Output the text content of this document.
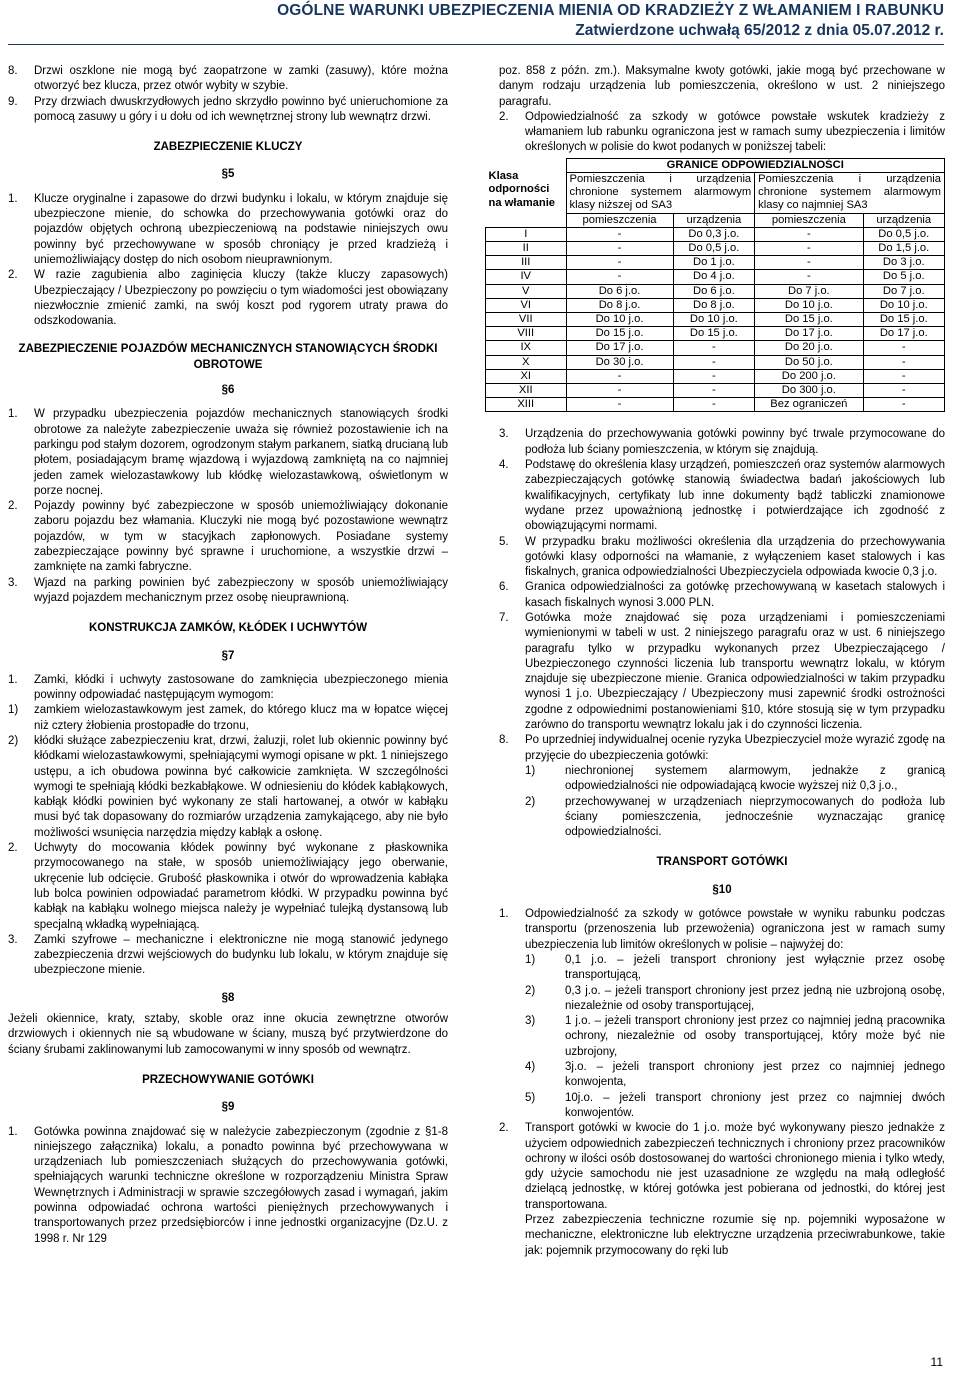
OGÓLNE WARUNKI UBEZPIECZENIA MIENIA OD KRADZIEŻY Z WŁAMANIEM I RABUNKU
Zatwierdzone uchwałą 65/2012 z dnia 05.07.2012 r.
8.	Drzwi oszklone nie mogą być zaopatrzone w zamki (zasuwy), które można otworzyć bez klucza, przez otwór wybity w szybie.
9.	Przy drzwiach dwuskrzydłowych jedno skrzydło powinno być unieruchomione za pomocą zasuwy u góry i u dołu od ich wewnętrznej strony lub wewnątrz drzwi.
ZABEZPIECZENIE KLUCZY
§5
1.	Klucze oryginalne i zapasowe do drzwi budynku i lokalu, w którym znajduje się ubezpieczone mienie, do schowka do przechowywania gotówki oraz do pojazdów objętych ochroną ubezpieczeniową na podstawie niniejszych owu powinny być przechowywane w sposób chroniący je przed kradzieżą i uniemożliwiający dostęp do nich osobom nieuprawnionym.
2.	W razie zagubienia albo zaginięcia kluczy (także kluczy zapasowych) Ubezpieczający / Ubezpieczony po powzięciu o tym wiadomości jest obowiązany niezwłocznie zmienić zamki, na swój koszt pod rygorem utraty prawa do odszkodowania.
ZABEZPIECZENIE POJAZDÓW MECHANICZNYCH STANOWIĄCYCH ŚRODKI OBROTOWE
§6
1.	W przypadku ubezpieczenia pojazdów mechanicznych stanowiących środki obrotowe za należyte zabezpieczenie uważa się również pozostawienie ich na parkingu pod stałym dozorem, ogrodzonym stałym parkanem, siatką drucianą lub płotem, posiadającym bramę wjazdową i wyjazdową zamkniętą na co najmniej jeden zamek wielozastawkowy lub kłódkę wielozastawkową, oświetlonym w porze nocnej.
2.	Pojazdy powinny być zabezpieczone w sposób uniemożliwiający dokonanie zaboru pojazdu bez włamania. Kluczyki nie mogą być pozostawione wewnątrz pojazdów, w tym w stacyjkach zapłonowych. Posiadane systemy zabezpieczające powinny być sprawne i uruchomione, a wszystkie drzwi – zamknięte na zamki fabryczne.
3.	Wjazd na parking powinien być zabezpieczony w sposób uniemożliwiający wyjazd pojazdem mechanicznym przez osobę nieuprawnioną.
KONSTRUKCJA ZAMKÓW, KŁÓDEK I UCHWYTÓW
§7
1.	Zamki, kłódki i uchwyty zastosowane do zamknięcia ubezpieczonego mienia powinny odpowiadać następującym wymogom:
1)	zamkiem wielozastawkowym jest zamek, do którego klucz ma w łopatce więcej niż cztery żłobienia prostopadłe do trzonu,
2)	kłódki służące zabezpieczeniu krat, drzwi, żaluzji, rolet lub okiennic powinny być kłódkami wielozastawkowymi, spełniającymi wymogi opisane w pkt. 1 niniejszego ustępu, a ich obudowa powinna być całkowicie zamknięta. W szczególności wymogi te spełniają kłódki bezkabłąkowe. W odniesieniu do kłódek kabłąkowych, kabłąk kłódki powinien być wykonany ze stali hartowanej, a otwór w kabłąku musi być tak dopasowany do rozmiarów urządzenia zamykającego, aby nie było możliwości wsunięcia narzędzia między kabłąk a osłonę.
2.	Uchwyty do mocowania kłódek powinny być wykonane z płaskownika przymocowanego na stałe, w sposób uniemożliwiający jego oberwanie, ukręcenie lub odcięcie. Grubość płaskownika i otwór do wprowadzenia kabłąka lub bolca powinien odpowiadać parametrom kłódki. W przypadku powinna być kabłąk na kabłąku wolnego miejsca należy je wypełniać tulejką dystansową lub specjalną wkładką wypełniającą.
3.	Zamki szyfrowe – mechaniczne i elektroniczne nie mogą stanowić jedynego zabezpieczenia drzwi wejściowych do budynku lub lokalu, w którym znajduje się ubezpieczone mienie.
§8
Jeżeli okiennice, kraty, sztaby, skoble oraz inne okucia zewnętrzne otworów drzwiowych i okiennych nie są wbudowane w ściany, muszą być przytwierdzone do ściany śrubami zaklinowanymi lub zamocowanymi w inny sposób od wewnątrz.
PRZECHOWYWANIE GOTÓWKI
§9
1.	Gotówka powinna znajdować się w należycie zabezpieczonym (zgodnie z §1-8 niniejszego załącznika) lokalu, a ponadto powinna być przechowywana w urządzeniach lub pomieszczeniach służących do przechowywania gotówki, spełniających warunki techniczne określone w rozporządzeniu Ministra Spraw Wewnętrznych i Administracji w sprawie szczegółowych zasad i wymagań, jakim powinna odpowiadać ochrona wartości pieniężnych przechowywanych i transportowanych przez przedsiębiorców i inne jednostki organizacyjne (Dz.U. z 1998 r. Nr 129
poz. 858 z późn. zm.). Maksymalne kwoty gotówki, jakie mogą być przechowane w danym rodzaju urządzenia lub pomieszczenia, określono w ust. 2 niniejszego paragrafu.
2.	Odpowiedzialność za szkody w gotówce powstałe wskutek kradzieży z włamaniem lub rabunku ograniczona jest w ramach sumy ubezpieczenia i limitów określonych w polisie do kwot podanych w poniższej tabeli:
Klasa odporności na włamanie	GRANICE ODPOWIEDZIALNOŚCI			
	Pomieszczenia i urządzenia chronione systemem alarmowym klasy niższej od SA3		Pomieszczenia i urządzenia chronione systemem alarmowym klasy co najmniej SA3	
	pomieszczenia	urządzenia	pomieszczenia	urządzenia
I	-	Do 0,3 j.o.	-	Do 0,5 j.o.
II	-	Do 0,5 j.o.	-	Do 1,5 j.o.
III	-	Do 1 j.o.	-	Do 3 j.o.
IV	-	Do 4 j.o.	-	Do 5 j.o.
V	Do 6 j.o.	Do 6 j.o.	Do 7 j.o.	Do 7 j.o.
VI	Do 8 j.o.	Do 8 j.o.	Do 10 j.o.	Do 10 j.o.
VII	Do 10 j.o.	Do 10 j.o.	Do 15 j.o.	Do 15 j.o.
VIII	Do 15 j.o.	Do 15 j.o.	Do 17 j.o.	Do 17 j.o.
IX	Do 17 j.o.	-	Do 20 j.o.	-
X	Do 30 j.o.	-	Do 50 j.o.	-
XI	-	-	Do 200 j.o.	-
XII	-	-	Do 300 j.o.	-
XIII	-	-	Bez ograniczeń	-
3.	Urządzenia do przechowywania gotówki powinny być trwale przymocowane do podłoża lub ściany pomieszczenia, w którym się znajdują.
4.	Podstawę do określenia klasy urządzeń, pomieszczeń oraz systemów alarmowych zabezpieczających gotówkę stanowią świadectwa badań jakościowych lub kwalifikacyjnych, certyfikaty lub inne dokumenty bądź tabliczki znamionowe wydane przez upoważnioną jednostkę i potwierdzające ich zgodność z obowiązującymi normami.
5.	W przypadku braku możliwości określenia dla urządzenia do przechowywania gotówki klasy odporności na włamanie, z wyłączeniem kaset stalowych i kas fiskalnych, granica odpowiedzialności Ubezpieczyciela odpowiada kwocie 0,3 j.o.
6.	Granica odpowiedzialności za gotówkę przechowywaną w kasetach stalowych i kasach fiskalnych wynosi 3.000 PLN.
7.	Gotówka może znajdować się poza urządzeniami i pomieszczeniami wymienionymi w tabeli w ust. 2 niniejszego paragrafu oraz w ust. 6 niniejszego paragrafu tylko w przypadku wykonanych przez Ubezpieczającego / Ubezpieczonego czynności liczenia lub transportu wewnątrz lokalu, w którym znajduje się ubezpieczone mienie. Granica odpowiedzialności w takim przypadku wynosi 1 j.o. Ubezpieczający / Ubezpieczony musi zapewnić środki ostrożności zgodne z odpowiednimi postanowieniami §10, które stosują się w tym przypadku zarówno do transportu wewnątrz lokalu jak i do czynności liczenia.
8.	Po uprzedniej indywidualnej ocenie ryzyka Ubezpieczyciel może wyrazić zgodę na przyjęcie do ubezpieczenia gotówki:
1)	niechronionej systemem alarmowym, jednakże z granicą odpowiedzialności nie odpowiadającą kwocie wyższej niż 0,3 j.o.,
2)	przechowywanej w urządzeniach nieprzymocowanych do podłoża lub ściany pomieszczenia, jednocześnie wyznaczając granicę odpowiedzialności.
TRANSPORT GOTÓWKI
§10
1.	Odpowiedzialność za szkody w gotówce powstałe w wyniku rabunku podczas transportu (przenoszenia lub przewożenia) ograniczona jest w ramach sumy ubezpieczenia lub limitów określonych w polisie – najwyżej do:
1)	0,1 j.o. – jeżeli transport chroniony jest wyłącznie przez osobę transportującą,
2)	0,3 j.o. – jeżeli transport chroniony jest przez jedną nie uzbrojoną osobę, niezależnie od osoby transportującej,
3)	1 j.o. – jeżeli transport chroniony jest przez co najmniej jedną pracownika ochrony, niezależnie od osoby transportującej, który może być nie uzbrojony,
4)	3j.o. – jeżeli transport chroniony jest przez co najmniej jednego konwojenta,
5)	10j.o. – jeżeli transport chroniony jest przez co najmniej dwóch konwojentów.
2.	Transport gotówki w kwocie do 1 j.o. może być wykonywany pieszo jednakże z użyciem odpowiednich zabezpieczeń technicznych i chroniony przez pracowników ochrony w ilości osób dostosowanej do wartości chronionego mienia i tylko wtedy, gdy użycie samochodu nie jest uzasadnione ze względu na małą odległość dzielącą jednostkę, w której gotówka jest pobierana od jednostki, do której jest transportowana.
Przez zabezpieczenia techniczne rozumie się np. pojemniki wyposażone w mechaniczne, elektroniczne lub elektryczne urządzenia przeciwrabunkowe, takie jak: pojemnik przymocowany do ręki lub
11
